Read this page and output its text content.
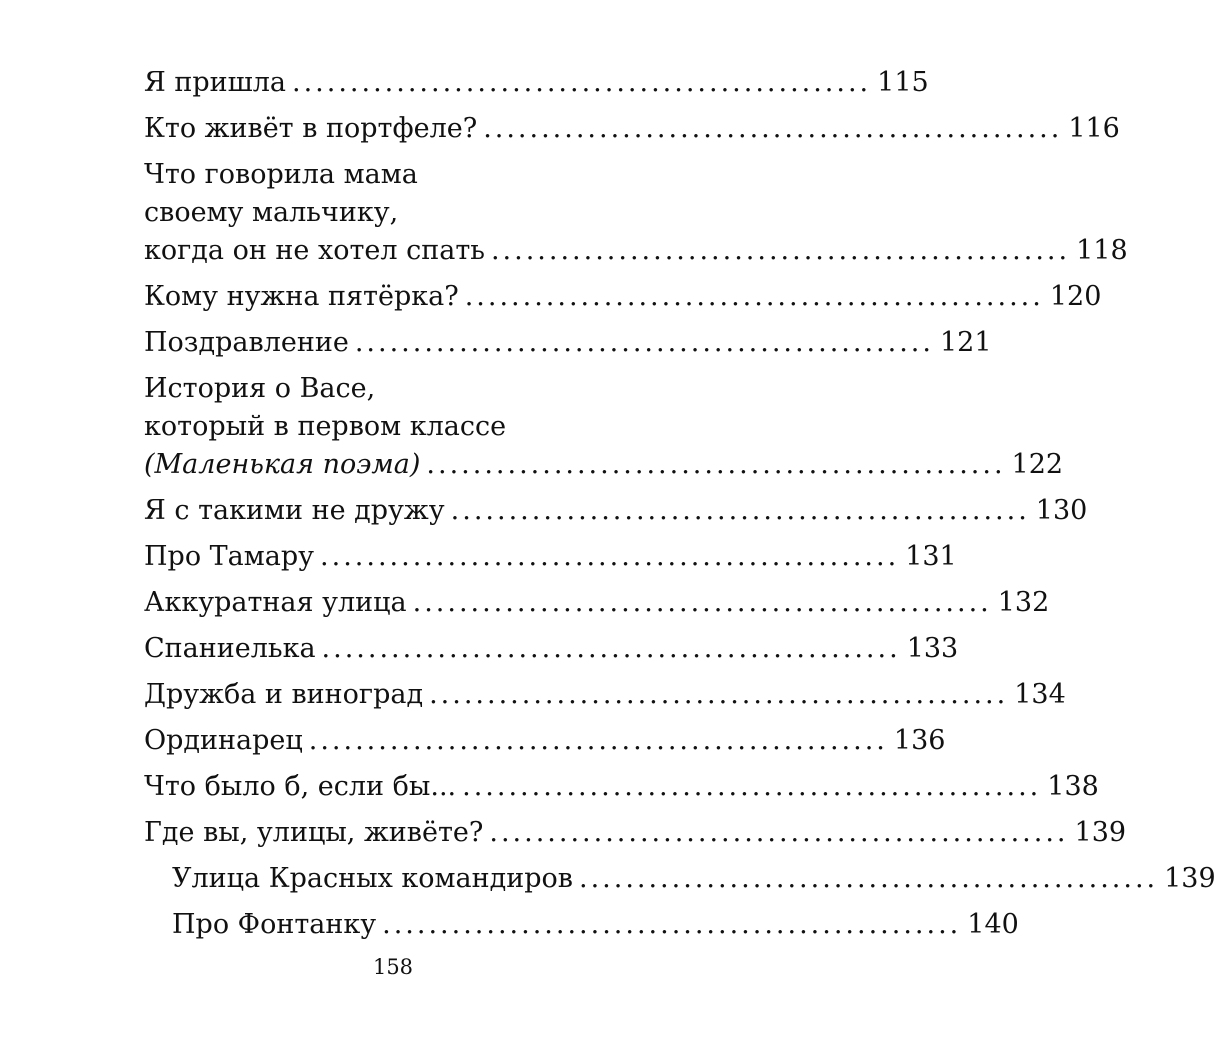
Я пришла .................................................. 115
Кто живёт в портфеле? .................................................. 116
Что говорила мама
своему мальчику,
когда он не хотел спать .................................................. 118
Кому нужна пятёрка? .................................................. 120
Поздравление .................................................. 121
История о Васе,
который в первом классе
(Маленькая поэма) .................................................. 122
Я с такими не дружу .................................................. 130
Про Тамару .................................................. 131
Аккуратная улица .................................................. 132
Спаниелька .................................................. 133
Дружба и виноград .................................................. 134
Ординарец .................................................. 136
Что было б, если бы... .................................................. 138
Где вы, улицы, живёте? .................................................. 139
Улица Красных командиров .................................................. 139
Про Фонтанку .................................................. 140
158
